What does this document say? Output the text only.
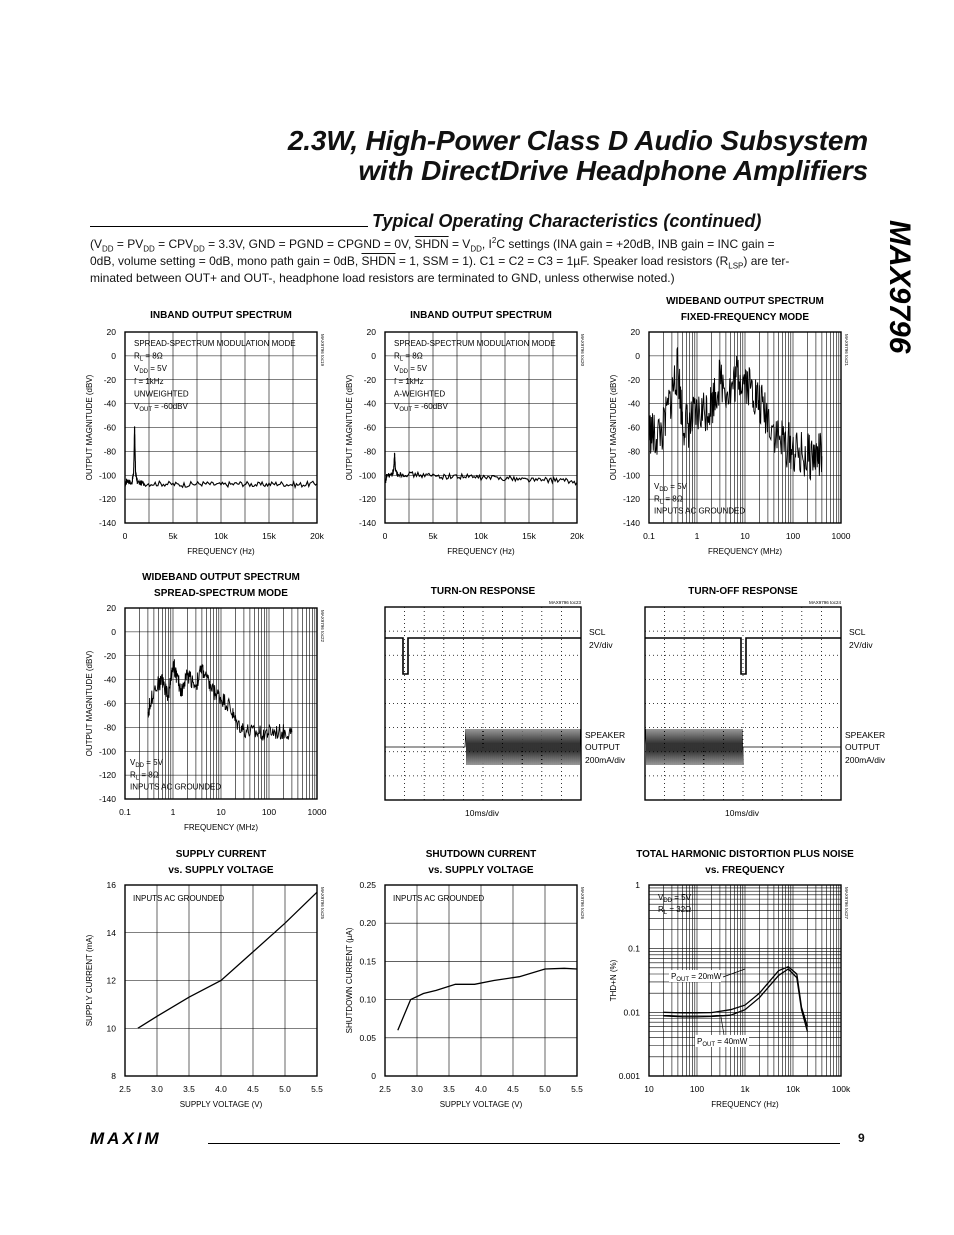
2.3W, High-Power Class D Audio Subsystem
with DirectDrive Headphone Amplifiers
MAX9796
Typical Operating Characteristics (continued)

($V_{DD} = PV_{DD} = CPV_{DD} = 3.3V$, GND = PGND = CPGND = 0V, SHDN = $V_{DD}$, $I^2C$ settings (INA gain = +20dB, INB gain = INC gain =

0dB, volume setting = 0dB, mono path gain = 0dB, SHDN = 1, SSM = 1). C1 = C2 = C3 = 1µF. Speaker load resistors $(R_{LSP})$ are ter-

minated between OUT+ and OUT-, headphone load resistors are terminated to GND, unless otherwise noted.)

INBAND OUTPUT SPECTRUM
0	5k	10k	15k	20k
20
0
-20
-40
-60
-80
-100
-120
-140
FREQUENCY (Hz)
OUTPUT MAGNITUDE (dBV)
MAX9796 toc19
SPREAD-SPECTRUM MODULATION MODE
$R_L = 8\Omega$
$V_{DD} = 5V$
f = 1kHz
UNWEIGHTED
$V_{OUT} = -60dBV$
INBAND OUTPUT SPECTRUM
0	5k	10k	15k	20k
20
0
-20
-40
-60
-80
-100
-120
-140
FREQUENCY (Hz)
OUTPUT MAGNITUDE (dBV)
MAX9796 toc20
SPREAD-SPECTRUM MODULATION MODE
$R_L = 8\Omega$
$V_{DD} = 5V$
f = 1kHz
A-WEIGHTED
$V_{OUT} = -60dBV$
WIDEBAND OUTPUT SPECTRUM
FIXED-FREQUENCY MODE
0.1	1	10	100	1000
20
0
-20
-40
-60
-80
-100
-120
-140
FREQUENCY (MHz)
OUTPUT MAGNITUDE (dBV)
MAX9796 toc21
$V_{DD} = 5V$
$R_L = 8\Omega$
INPUTS AC GROUNDED
WIDEBAND OUTPUT SPECTRUM
SPREAD-SPECTRUM MODE
0.1	1	10	100	1000
20
0
-20
-40
-60
-80
-100
-120
-140
FREQUENCY (MHz)
OUTPUT MAGNITUDE (dBV)
MAX9796 toc22
$V_{DD} = 5V$
$R_L = 8\Omega$
INPUTS AC GROUNDED
TURN-ON RESPONSE
MAX9796 toc23
SCL
2V/div
SPEAKER
OUTPUT
200mA/div
10ms/div
TURN-OFF RESPONSE
MAX9796 toc24
SCL
2V/div
SPEAKER
OUTPUT
200mA/div
10ms/div
SUPPLY CURRENT
vs. SUPPLY VOLTAGE
2.5 3.0 3.5 4.0 4.5 5.0 5.5
16
14
12
10
8
SUPPLY VOLTAGE (V)
SUPPLY CURRENT (mA)
MAX9796 toc25
INPUTS AC GROUNDED
SHUTDOWN CURRENT
vs. SUPPLY VOLTAGE
2.5 3.0 3.5 4.0 4.5 5.0 5.5
0.25
0.20
0.15
0.10
0.05
0
SUPPLY VOLTAGE (V)
SHUTDOWN CURRENT (µA)
MAX9796 toc26
INPUTS AC GROUNDED
TOTAL HARMONIC DISTORTION PLUS NOISE
vs. FREQUENCY
10	100	1k	10k	100k
1
0.1
0.01
0.001
FREQUENCY (Hz)
THD+N (%)
MAX9796 toc27
$V_{DD} = 5V$
$R_L = 32\Omega$
$P_{OUT} = 20mW$
$P_{OUT} = 40mW$
MAXIM	9
